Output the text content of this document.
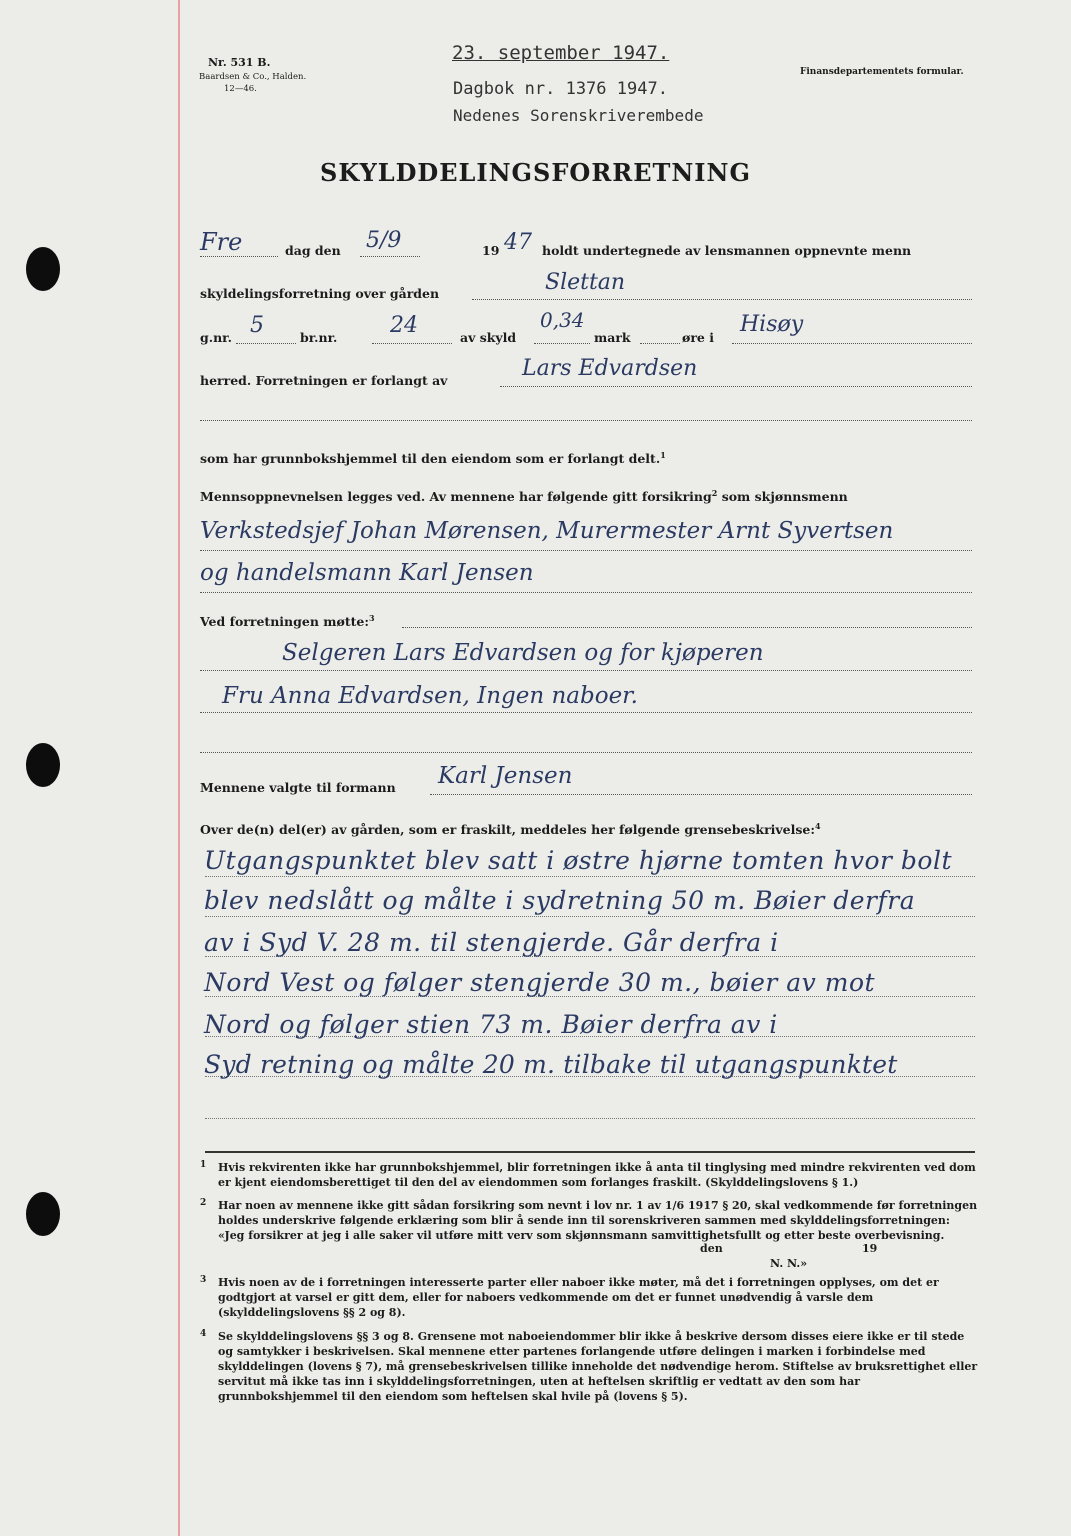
Nr. 531 B.
Baardsen & Co., Halden.
12—46.
23. september 1947.
Dagbok nr. 1376 1947.
Nedenes Sorenskriverembede
Finansdepartementets formular.
SKYLDDELINGSFORRETNING
Fre	dag den 5/9	19 47 holdt undertegnede av lensmannen oppnevnte menn
skyldelingsforretning over gården	Slettan
g.nr. 5	br.nr. 24	av skyld
0,34
mark	øre i
Hisøy
herred. Forretningen er forlangt av	Lars Edvardsen
som har grunnbokshjemmel til den eiendom som er forlangt delt.$^1$
Mennsoppnevnelsen legges ved. Av mennene har følgende gitt forsikring$^2$ som skjønnsmenn
Verkstedsjef Johan Mørensen, Murermester Arnt Syvertsen
og handelsmann Karl Jensen
Ved forretningen møtte:$^3$
Selgeren Lars Edvardsen og for kjøperen
Fru Anna Edvardsen, Ingen naboer.
Mennene valgte til formann Karl Jensen
Over de(n) del(er) av gården, som er fraskilt, meddeles her følgende grensebeskrivelse:$^4$
Utgangspunktet blev satt i østre hjørne tomten hvor bolt
blev nedslått og målte i sydretning 50 m. Bøier derfra
av i Syd V. 28 m. til stengjerde. Går derfra i
Nord Vest og følger stengjerde 30 m., bøier av mot
Nord og følger stien 73 m. Bøier derfra av i
Syd retning og målte 20 m. tilbake til utgangspunktet
1 Hvis rekvirenten ikke har grunnbokshjemmel, blir forretningen ikke å anta til tinglysing med mindre rekvirenten ved dom er kjent eiendomsberettiget til den del av eiendommen som forlanges fraskilt. (Skylddelingslovens § 1.)
2 Har noen av mennene ikke gitt sådan forsikring som nevnt i lov nr. 1 av 1/6 1917 § 20, skal vedkommende før forretningen holdes underskrive følgende erklæring som blir å sende inn til sorenskriveren sammen med skylddelingsforretningen: «Jeg forsikrer at jeg i alle saker vil utføre mitt verv som skjønnsmann samvittighetsfullt og etter beste overbevisning.
den	19
N. N.»
3 Hvis noen av de i forretningen interesserte parter eller naboer ikke møter, må det i forretningen opplyses, om det er godtgjort at varsel er gitt dem, eller for naboers vedkommende om det er funnet unødvendig å varsle dem (skylddelingslovens §§ 2 og 8).
4 Se skylddelingslovens §§ 3 og 8. Grensene mot naboeiendommer blir ikke å beskrive dersom disses eiere ikke er til stede og samtykker i beskrivelsen. Skal mennene etter partenes forlangende utføre delingen i marken i forbindelse med skylddelingen (lovens § 7), må grensebeskrivelsen tillike inneholde det nødvendige herom. Stiftelse av bruksrettighet eller servitut må ikke tas inn i skylddelingsforretningen, uten at heftelsen skriftlig er vedtatt av den som har grunnbokshjemmel til den eiendom som heftelsen skal hvile på (lovens § 5).
